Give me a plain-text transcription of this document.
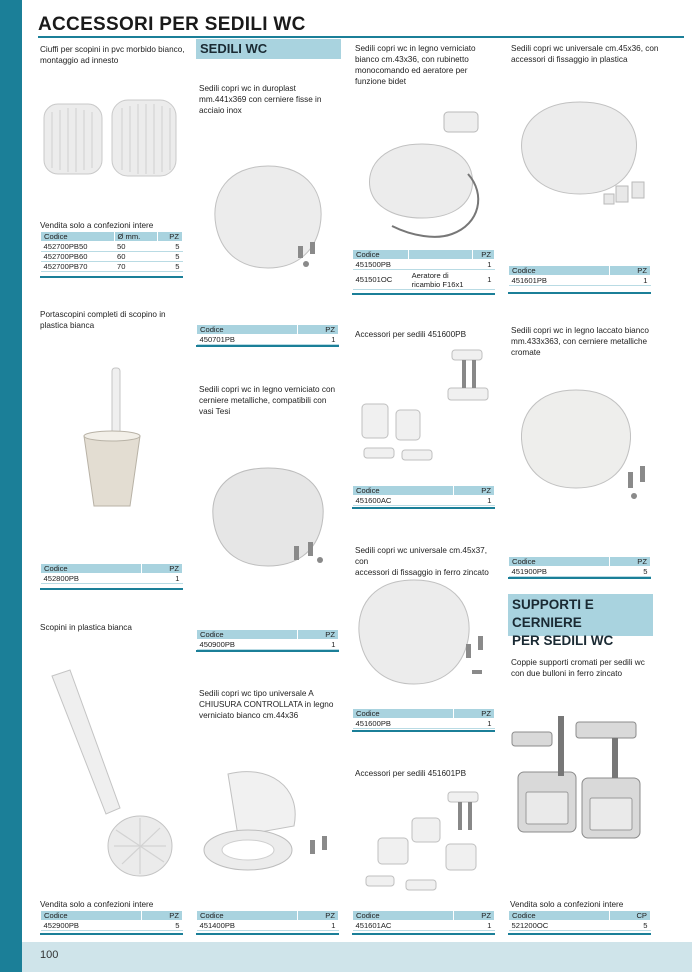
100
ACCESSORI PER SEDILI WC
Ciuffi per scopini in pvc morbido bianco,
montaggio ad innesto
Vendita solo a confezioni intere
Codice	Ø mm.	PZ
452700PB50	50	5
452700PB60	60	5
452700PB70	70	5
Portascopini completi di scopino in
plastica bianca
Codice	PZ
452800PB	1
Scopini in plastica bianca
Vendita solo a confezioni intere
Codice	PZ
452900PB	5
SEDILI WC
Sedili copri wc in duroplast
mm.441x369 con cerniere fisse in
acciaio inox
Codice	PZ
450701PB	1
Sedili copri wc in legno verniciato con
cerniere metalliche, compatibili con
vasi Tesi
Codice	PZ
450900PB	1
Sedili copri wc tipo universale A
CHIUSURA CONTROLLATA in legno
verniciato bianco cm.44x36
Codice	PZ
451400PB	1
Sedili copri wc in legno verniciato
bianco cm.43x36, con rubinetto
monocomando ed aeratore per
funzione bidet
Codice		PZ
451500PB		1
451501OC	Aeratore di ricambio F16x1	1
Accessori per sedili 451600PB
Codice	PZ
451600AC	1
Sedili copri wc universale cm.45x37, con
accessori di fissaggio in ferro zincato
Codice	PZ
451600PB	1
Accessori per sedili 451601PB
Codice	PZ
451601AC	1
Sedili copri wc universale cm.45x36, con
accessori di fissaggio in plastica
Codice	PZ
451601PB	1
Sedili copri wc in legno laccato bianco
mm.433x363, con cerniere metalliche
cromate
Codice	PZ
451900PB	5
SUPPORTI E CERNIERE
PER SEDILI WC
Coppie supporti cromati per sedili wc
con due bulloni in ferro zincato
Vendita solo a confezioni intere
Codice	CP
521200OC	5
